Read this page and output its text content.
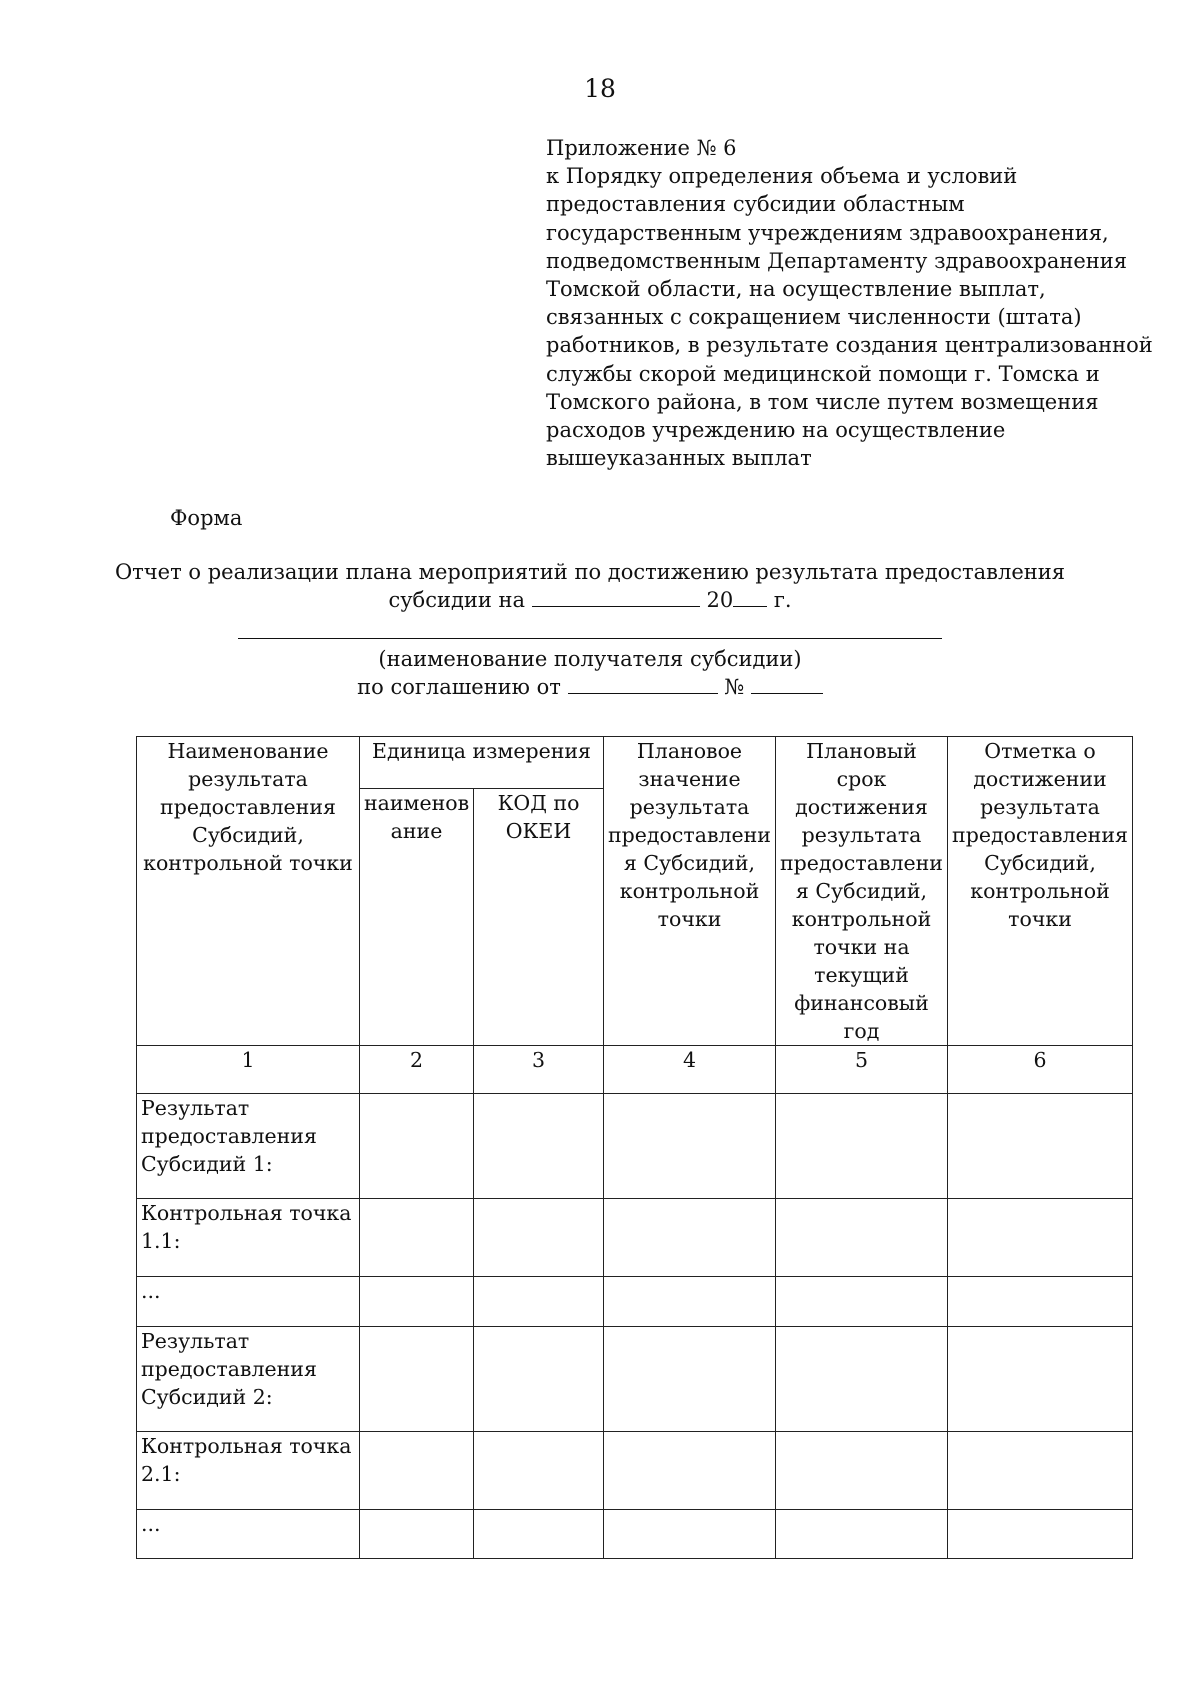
18
Приложение № 6
к Порядку определения объема и условий
предоставления субсидии областным
государственным учреждениям здравоохранения,
подведомственным Департаменту здравоохранения
Томской области, на осуществление выплат,
связанных с сокращением численности (штата)
работников, в результате создания централизованной
службы скорой медицинской помощи г. Томска и
Томского района, в том числе путем возмещения
расходов учреждению на осуществление
вышеуказанных выплат
Форма
Отчет о реализации плана мероприятий по достижению результата предоставления
субсидии на	20 г.
(наименование получателя субсидии)
по соглашению от	№
Наименование результата предоставления Субсидий, контрольной точки	Единица измерения		Плановое значение результата предоставлени я Субсидий, контрольной точки	Плановый срок достижения результата предоставлени я Субсидий, контрольной точки на текущий финансовый год	Отметка о достижении результата предоставления Субсидий, контрольной точки
	наименов ание	КОД по ОКЕИ			
1	2	3	4	5	6
Результат предоставления Субсидий 1:					
Контрольная точка 1.1:					
...					
Результат предоставления Субсидий 2:					
Контрольная точка 2.1:					
...					
